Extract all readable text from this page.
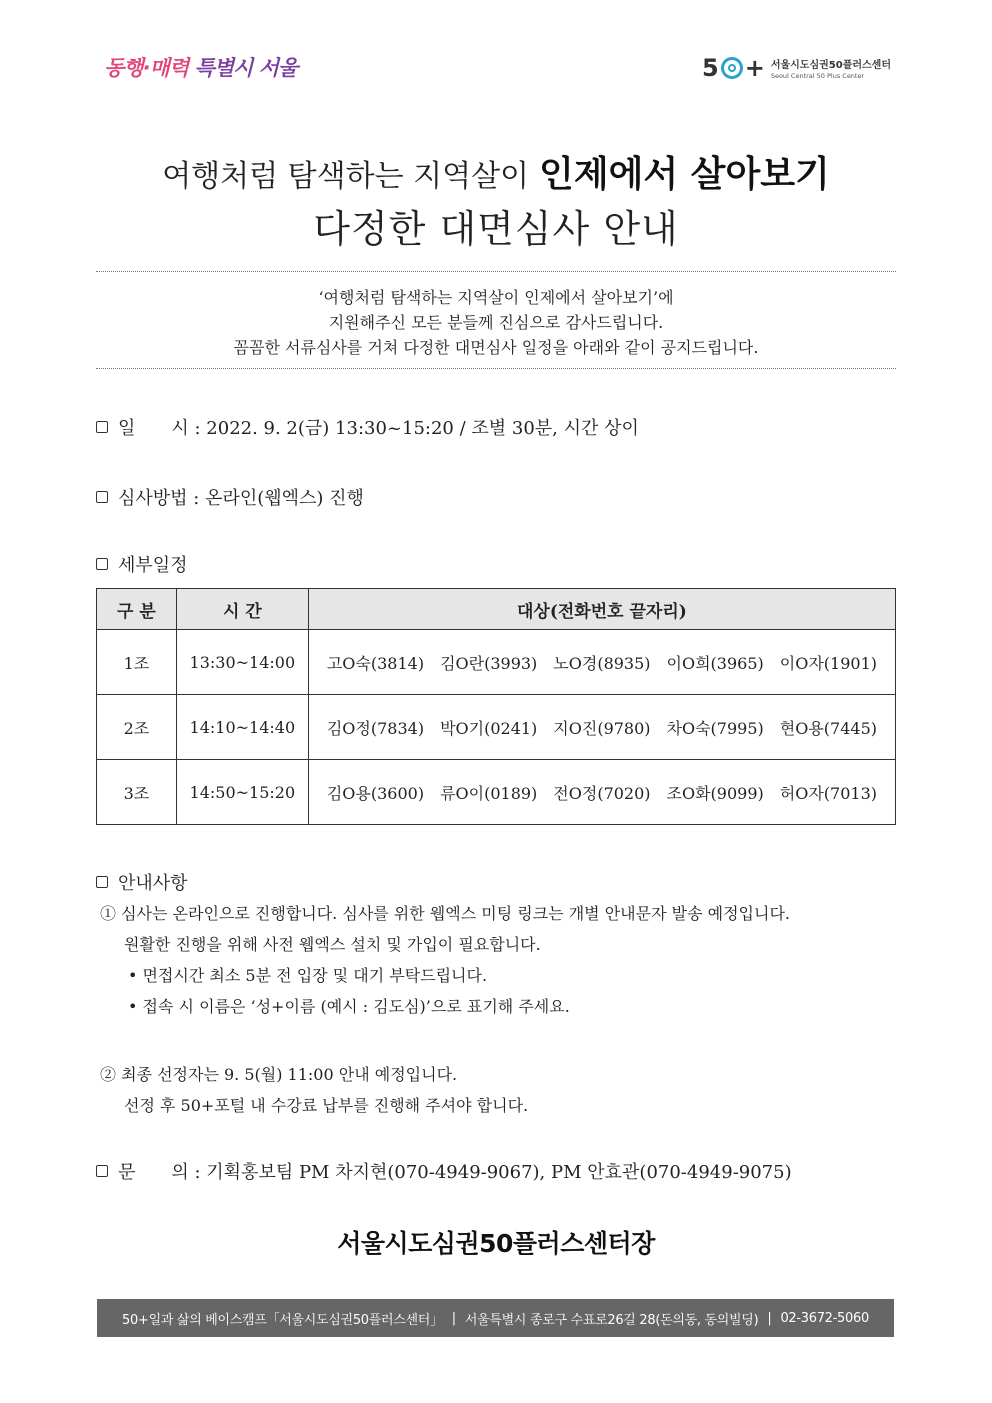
동행·매력 특별시 서울	5 + 서울시도심권50플러스센터
Seoul Central 50 Plus Center
여행처럼 탐색하는 지역살이 인제에서 살아보기
다정한 대면심사 안내
‘여행처럼 탐색하는 지역살이 인제에서 살아보기’에
지원해주신 모든 분들께 진심으로 감사드립니다.
꼼꼼한 서류심사를 거쳐 다정한 대면심사 일정을 아래와 같이 공지드립니다.
일　　시 : 2022. 9. 2(금) 13:30~15:20 / 조별 30분, 시간 상이
심사방법 : 온라인(웹엑스) 진행
세부일정
구 분	시 간	대상(전화번호 끝자리)
1조	13:30~14:00	고O숙(3814) 김O란(3993) 노O경(8935) 이O희(3965) 이O자(1901)
2조	14:10~14:40	김O정(7834) 박O기(0241) 지O진(9780) 차O숙(7995) 현O용(7445)
3조	14:50~15:20	김O용(3600) 류O이(0189) 전O정(7020) 조O화(9099) 허O자(7013)
안내사항
① 심사는 온라인으로 진행합니다. 심사를 위한 웹엑스 미팅 링크는 개별 안내문자 발송 예정입니다.
원활한 진행을 위해 사전 웹엑스 설치 및 가입이 필요합니다.
• 면접시간 최소 5분 전 입장 및 대기 부탁드립니다.
• 접속 시 이름은 ‘성+이름 (예시 : 김도심)’으로 표기해 주세요.
② 최종 선정자는 9. 5(월) 11:00 안내 예정입니다.
선정 후 50+포털 내 수강료 납부를 진행해 주셔야 합니다.
문　　의 : 기획홍보팀 PM 차지현(070-4949-9067), PM 안효관(070-4949-9075)
서울시도심권50플러스센터장
50+일과 삶의 베이스캠프「서울시도심권50플러스센터」 | 서울특별시 종로구 수표로26길 28(돈의동, 동의빌딩) | 02-3672-5060
